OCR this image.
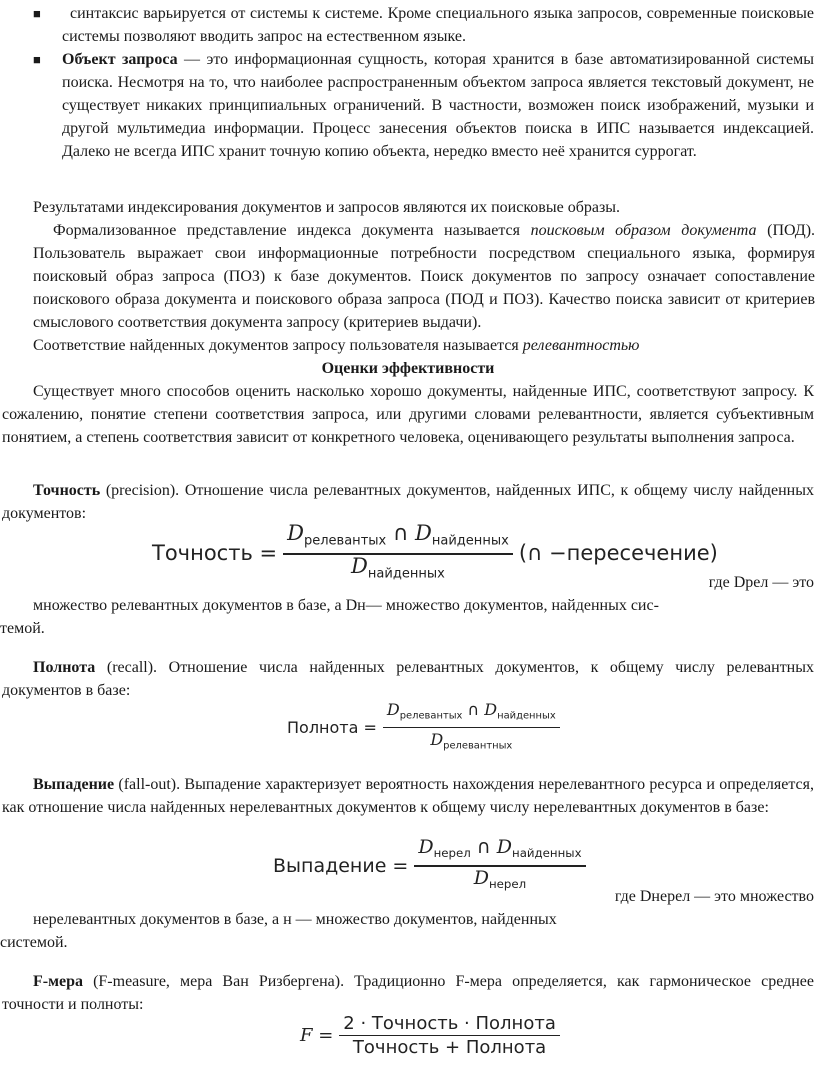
■	синтаксис варьируется от системы к системе. Кроме специального языка запросов, современные поисковые системы позволяют вводить запрос на естественном языке.
■ Объект запроса — это информационная сущность, которая хранится в базе автоматизированной системы поиска. Несмотря на то, что наиболее распространенным объектом запроса является текстовый документ, не существует никаких принципиальных ограничений. В частности, возможен поиск изображений, музыки и другой мультимедиа информации. Процесс занесения объектов поиска в ИПС называется индексацией. Далеко не всегда ИПС хранит точную копию объекта, нередко вместо неё хранится суррогат.
Результатами индексирования документов и запросов являются их поисковые образы.
Формализованное представление индекса документа называется поисковым образом документа (ПОД). Пользователь выражает свои информационные потребности посредством специального языка, формируя поисковый образ запроса (ПОЗ) к базе документов. Поиск документов по запросу означает сопоставление поискового образа документа и поискового образа запроса (ПОД и ПОЗ). Качество поиска зависит от критериев смыслового соответствия документа запросу (критериев выдачи).
Соответствие найденных документов запросу пользователя называется релевантностью
Оценки эффективности
Существует много способов оценить насколько хорошо документы, найденные ИПС, соответствуют запросу. К сожалению, понятие степени соответствия запроса, или другими словами релевантности, является субъективным понятием, а степень соответствия зависит от конкретного человека, оценивающего результаты выполнения запроса.
Точность (precision). Отношение числа релевантных документов, найденных ИПС, к общему числу найденных документов:
Точность = $\frac{D_{релевантых} \cap D_{найденных}}{D_{найденных}}$ (∩ −пересечение)
где Dрел — это
множество релевантных документов в базе, а Dн— множество документов, найденных сис-
темой.
Полнота (recall). Отношение числа найденных релевантных документов, к общему числу релевантных документов в базе:
Полнота = $\frac{D_{релевантых} \cap D_{найденных}}{D_{релевантных}}$
Выпадение (fall-out). Выпадение характеризует вероятность нахождения нерелевантного ресурса и определяется, как отношение числа найденных нерелевантных документов к общему числу нерелевантных документов в базе:
Выпадение = $\frac{D_{нерел} \cap D_{найденных}}{D_{нерел}}$
где Dнерел — это множество
нерелевантных документов в базе, а н — множество документов, найденных
системой.
F-мера (F-measure, мера Ван Ризбергена). Традиционно F-мера определяется, как гармоническое среднее точности и полноты:
$F = \frac{\text{2 · Точность · Полнота}}{\text{Точность + Полнота}}$
